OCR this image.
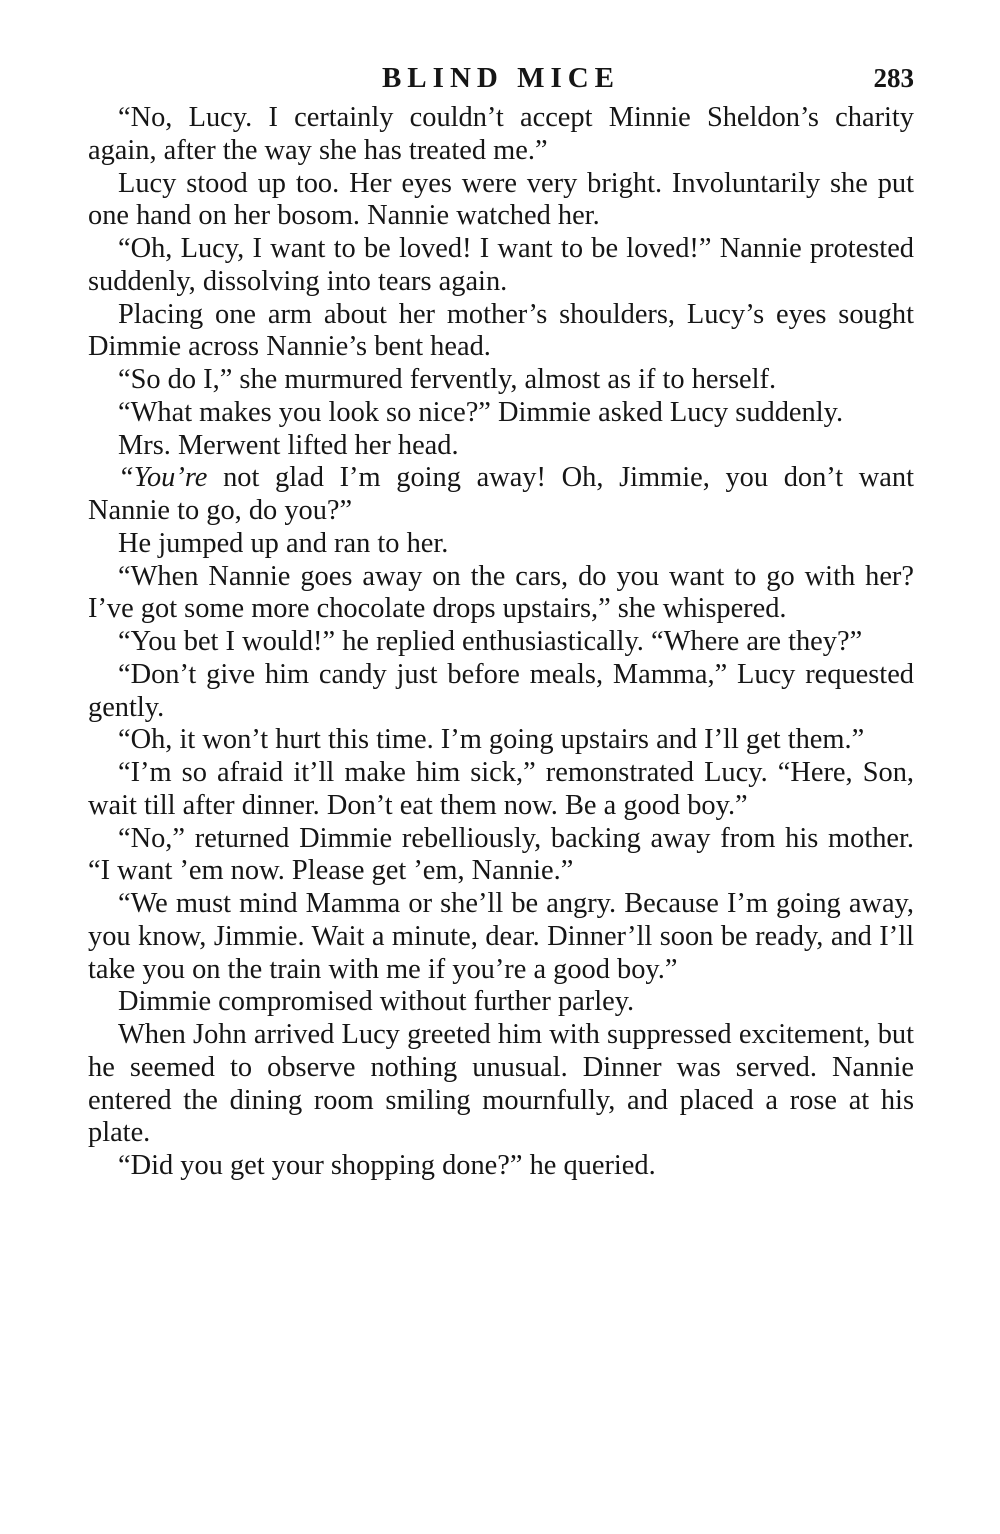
BLIND MICE	283

“No, Lucy. I certainly couldn’t accept Minnie Sheldon’s charity again, after the way she has treated me.”

Lucy stood up too. Her eyes were very bright. Involuntarily she put one hand on her bosom. Nannie watched her.

“Oh, Lucy, I want to be loved! I want to be loved!” Nannie protested suddenly, dissolving into tears again.

Placing one arm about her mother’s shoulders, Lucy’s eyes sought Dimmie across Nannie’s bent head.

“So do I,” she murmured fervently, almost as if to herself.

“What makes you look so nice?” Dimmie asked Lucy suddenly.

Mrs. Merwent lifted her head.

“You’re not glad I’m going away! Oh, Jimmie, you don’t want Nannie to go, do you?”

He jumped up and ran to her.

“When Nannie goes away on the cars, do you want to go with her? I’ve got some more chocolate drops upstairs,” she whispered.

“You bet I would!” he replied enthusiastically. “Where are they?”

“Don’t give him candy just before meals, Mamma,” Lucy requested gently.

“Oh, it won’t hurt this time. I’m going upstairs and I’ll get them.”

“I’m so afraid it’ll make him sick,” remonstrated Lucy. “Here, Son, wait till after dinner. Don’t eat them now. Be a good boy.”

“No,” returned Dimmie rebelliously, backing away from his mother. “I want ’em now. Please get ’em, Nannie.”

“We must mind Mamma or she’ll be angry. Because I’m going away, you know, Jimmie. Wait a minute, dear. Dinner’ll soon be ready, and I’ll take you on the train with me if you’re a good boy.”

Dimmie compromised without further parley.

When John arrived Lucy greeted him with suppressed excitement, but he seemed to observe nothing unusual. Dinner was served. Nannie entered the dining room smiling mournfully, and placed a rose at his plate.

“Did you get your shopping done?” he queried.
